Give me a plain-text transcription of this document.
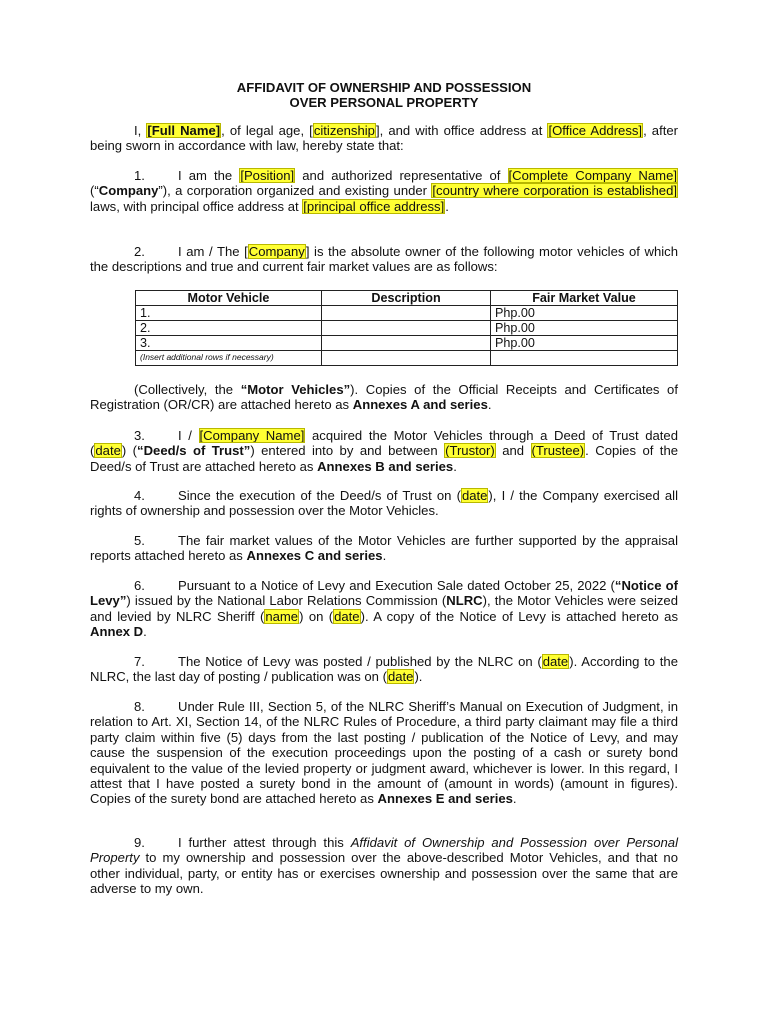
AFFIDAVIT OF OWNERSHIP AND POSSESSION
OVER PERSONAL PROPERTY
I, [Full Name], of legal age, [citizenship], and with office address at [Office Address], after being sworn in accordance with law, hereby state that:
1.	I am the [Position] and authorized representative of [Complete Company Name] (“Company”), a corporation organized and existing under [country where corporation is established] laws, with principal office address at [principal office address].
2.	I am / The [Company] is the absolute owner of the following motor vehicles of which the descriptions and true and current fair market values are as follows:
Motor Vehicle	Description	Fair Market Value
1.		Php.00
2.		Php.00
3.		Php.00
(Insert additional rows if necessary)		
(Collectively, the “Motor Vehicles”). Copies of the Official Receipts and Certificates of Registration (OR/CR) are attached hereto as Annexes A and series.
3.	I / [Company Name] acquired the Motor Vehicles through a Deed of Trust dated (date) (“Deed/s of Trust”) entered into by and between (Trustor) and (Trustee). Copies of the Deed/s of Trust are attached hereto as Annexes B and series.
4.	Since the execution of the Deed/s of Trust on (date), I / the Company exercised all rights of ownership and possession over the Motor Vehicles.
5.	The fair market values of the Motor Vehicles are further supported by the appraisal reports attached hereto as Annexes C and series.
6.	Pursuant to a Notice of Levy and Execution Sale dated October 25, 2022 (“Notice of Levy”) issued by the National Labor Relations Commission (NLRC), the Motor Vehicles were seized and levied by NLRC Sheriff (name) on (date). A copy of the Notice of Levy is attached hereto as Annex D.
7.	The Notice of Levy was posted / published by the NLRC on (date). According to the NLRC, the last day of posting / publication was on (date).
8.	Under Rule III, Section 5, of the NLRC Sheriff’s Manual on Execution of Judgment, in relation to Art. XI, Section 14, of the NLRC Rules of Procedure, a third party claimant may file a third party claim within five (5) days from the last posting / publication of the Notice of Levy, and may cause the suspension of the execution proceedings upon the posting of a cash or surety bond equivalent to the value of the levied property or judgment award, whichever is lower. In this regard, I attest that I have posted a surety bond in the amount of (amount in words) (amount in figures). Copies of the surety bond are attached hereto as Annexes E and series.
9.	I further attest through this Affidavit of Ownership and Possession over Personal Property to my ownership and possession over the above-described Motor Vehicles, and that no other individual, party, or entity has or exercises ownership and possession over the same that are adverse to my own.
